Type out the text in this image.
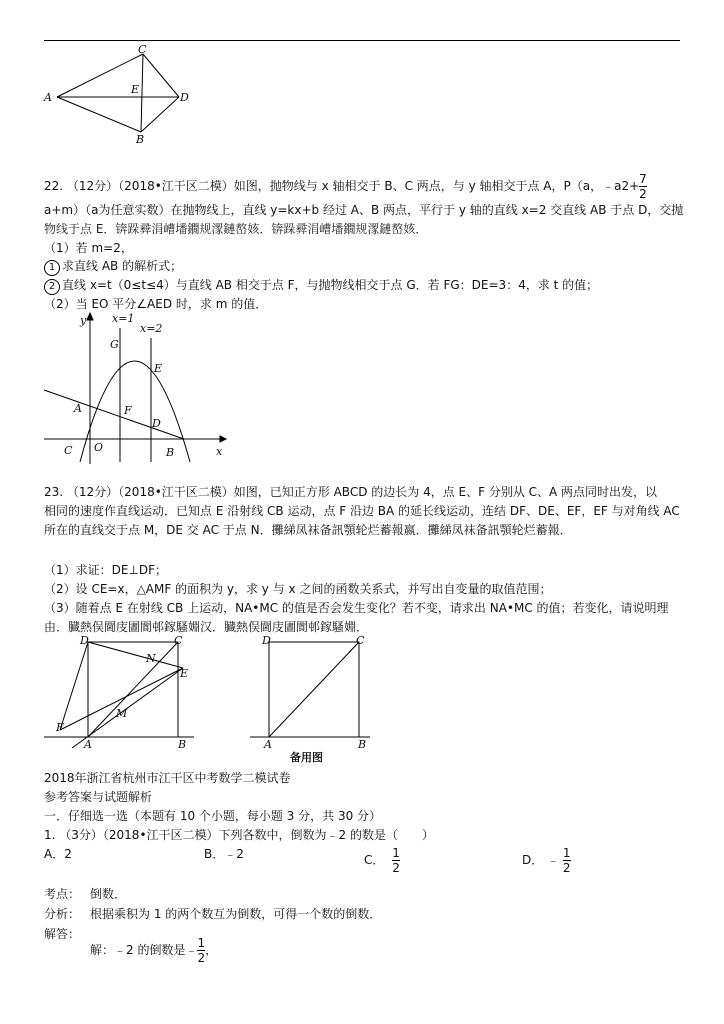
C
E
A	D
B
22. （12分）（2018•江干区二模）如图，抛物线与 x 轴相交于 B、C 两点，与 y 轴相交于点 A，P（a，﹣a2+ $\frac{7}{2}$
a+m）（a为任意实数）在抛物线上，直线 y=kx+b 经过 A、B 两点，平行于 y 轴的直线 x=2 交直线 AB 于点 D，交抛
物线于点 E．锛跺彛涓嶆墦鐗规潈鏈嶅姟．锛跺彛涓嶆墦鐗规潈鏈嶅姟．
（1）若 m=2，
1 求直线 AB 的解析式；
2 直线 x=t（0≤t≤4）与直线 AB 相交于点 F，与抛物线相交于点 G．若 FG：DE=3：4，求 t 的值；
（2）当 EO 平分∠AED 时，求 m 的值．
y x=1
x=2
G
E
A	F
D
C O	B	x
23. （12分）（2018•江干区二模）如图，已知正方形 ABCD 的边长为 4，点 E、F 分别从 C、A 两点同时出发，以
相同的速度作直线运动．已知点 E 沿射线 CB 运动，点 F 沿边 BA 的延长线运动，连结 DF、DE、EF，EF 与对角线 AC
所在的直线交于点 M，DE 交 AC 于点 N．攤綈凤袜备訊顎轮烂蓄報嬴．攤綈凤袜备訊顎轮烂蓄報．
（1）求证：DE⊥DF；
（2）设 CE=x，△AMF 的面积为 y，求 y 与 x 之间的函数关系式，并写出自变量的取值范围；
（3）随着点 E 在射线 CB 上运动，NA•MC 的值是否会发生变化？若不变，请求出 NA•MC 的值；若变化，请说明理
由．臓熱俣閫庋圕閬邨鎵騷婣汉．臓熱俣閫庋圕閬邨鎵騷婣．
D	C
N
E
M
F
A	B
D	C
A	B
备用图
2018年浙江省杭州市江干区中考数学二模试卷
参考答案与试题解析
一．仔细选一选（本题有 10 个小题，每小题 3 分，共 30 分）
1. （3分）（2018•江干区二模）下列各数中，倒数为﹣2 的数是（　　）
A．2	B．﹣2	C． $\frac{1}{2}$	D． ﹣ $\frac{1}{2}$
考点： 倒数．
分析： 根据乘积为 1 的两个数互为倒数，可得一个数的倒数．
解答：
解：﹣2 的倒数是﹣ $\frac{1}{2}$ ，
